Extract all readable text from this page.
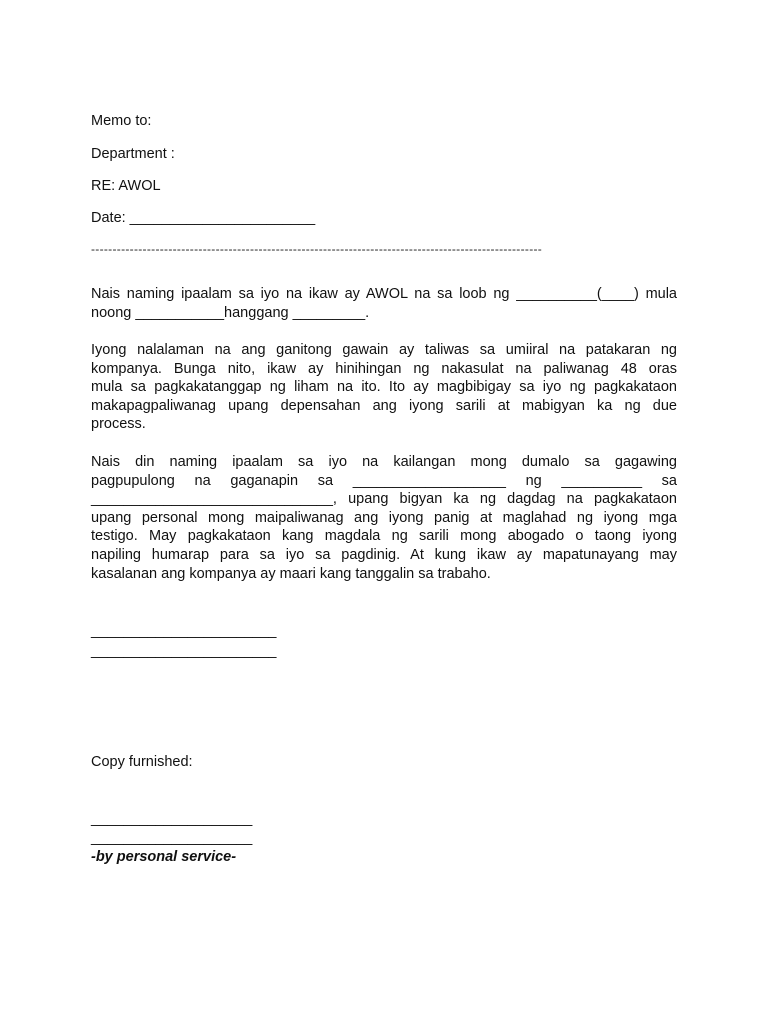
Memo to:
Department :
RE: AWOL
Date: _______________________
---------------------------------------------------------------------------------------------------------
Nais naming ipaalam sa iyo na ikaw ay AWOL na sa loob ng __________(____) mula
noong ___________hanggang _________.
Iyong nalalaman na ang ganitong gawain ay taliwas sa umiiral na patakaran ng
kompanya. Bunga nito, ikaw ay hinihingan ng nakasulat na paliwanag 48 oras
mula sa pagkakatanggap ng liham na ito. Ito ay magbibigay sa iyo ng pagkakataon
makapagpaliwanag upang depensahan ang iyong sarili at mabigyan ka ng due
process.
Nais din naming ipaalam sa iyo na kailangan mong dumalo sa gagawing
pagpupulong na gaganapin sa ___________________ ng __________ sa
______________________________, upang bigyan ka ng dagdag na pagkakataon
upang personal mong maipaliwanag ang iyong panig at maglahad ng iyong mga
testigo. May pagkakataon kang magdala ng sarili mong abogado o taong iyong
napiling humarap para sa iyo sa pagdinig. At kung ikaw ay mapatunayang may
kasalanan ang kompanya ay maari kang tanggalin sa trabaho.
_______________________
_______________________
Copy furnished:
____________________
____________________
-by personal service-
